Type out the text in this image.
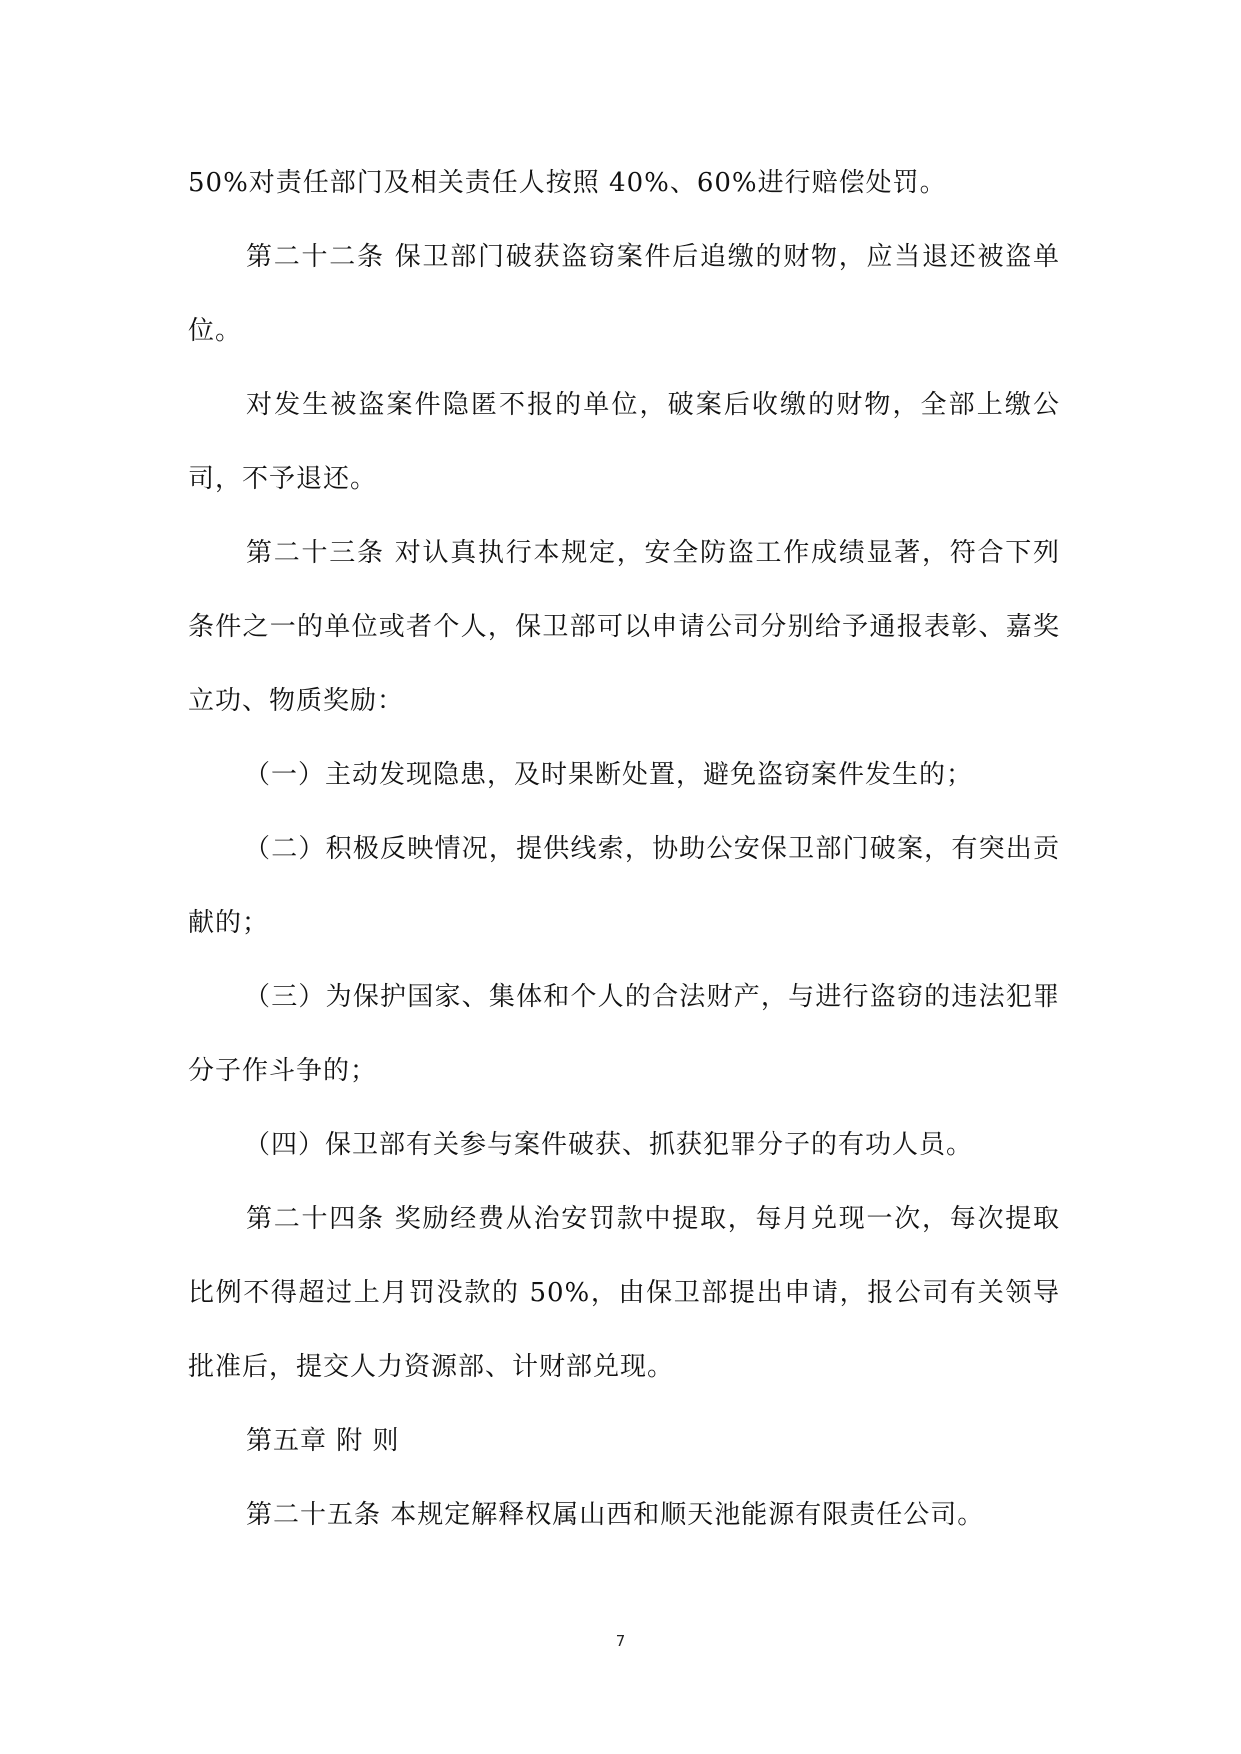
50%对责任部门及相关责任人按照 40%、60%进行赔偿处罚。

第二十二条 保卫部门破获盗窃案件后追缴的财物，应当退还被盗单位。

对发生被盗案件隐匿不报的单位，破案后收缴的财物，全部上缴公司，不予退还。

第二十三条 对认真执行本规定，安全防盗工作成绩显著，符合下列条件之一的单位或者个人，保卫部可以申请公司分别给予通报表彰、嘉奖立功、物质奖励：

（一）主动发现隐患，及时果断处置，避免盗窃案件发生的；

（二）积极反映情况，提供线索，协助公安保卫部门破案，有突出贡献的；

（三）为保护国家、集体和个人的合法财产，与进行盗窃的违法犯罪分子作斗争的；

（四）保卫部有关参与案件破获、抓获犯罪分子的有功人员。

第二十四条 奖励经费从治安罚款中提取，每月兑现一次，每次提取比例不得超过上月罚没款的 50%，由保卫部提出申请，报公司有关领导批准后，提交人力资源部、计财部兑现。

第五章 附 则

第二十五条 本规定解释权属山西和顺天池能源有限责任公司。

7
